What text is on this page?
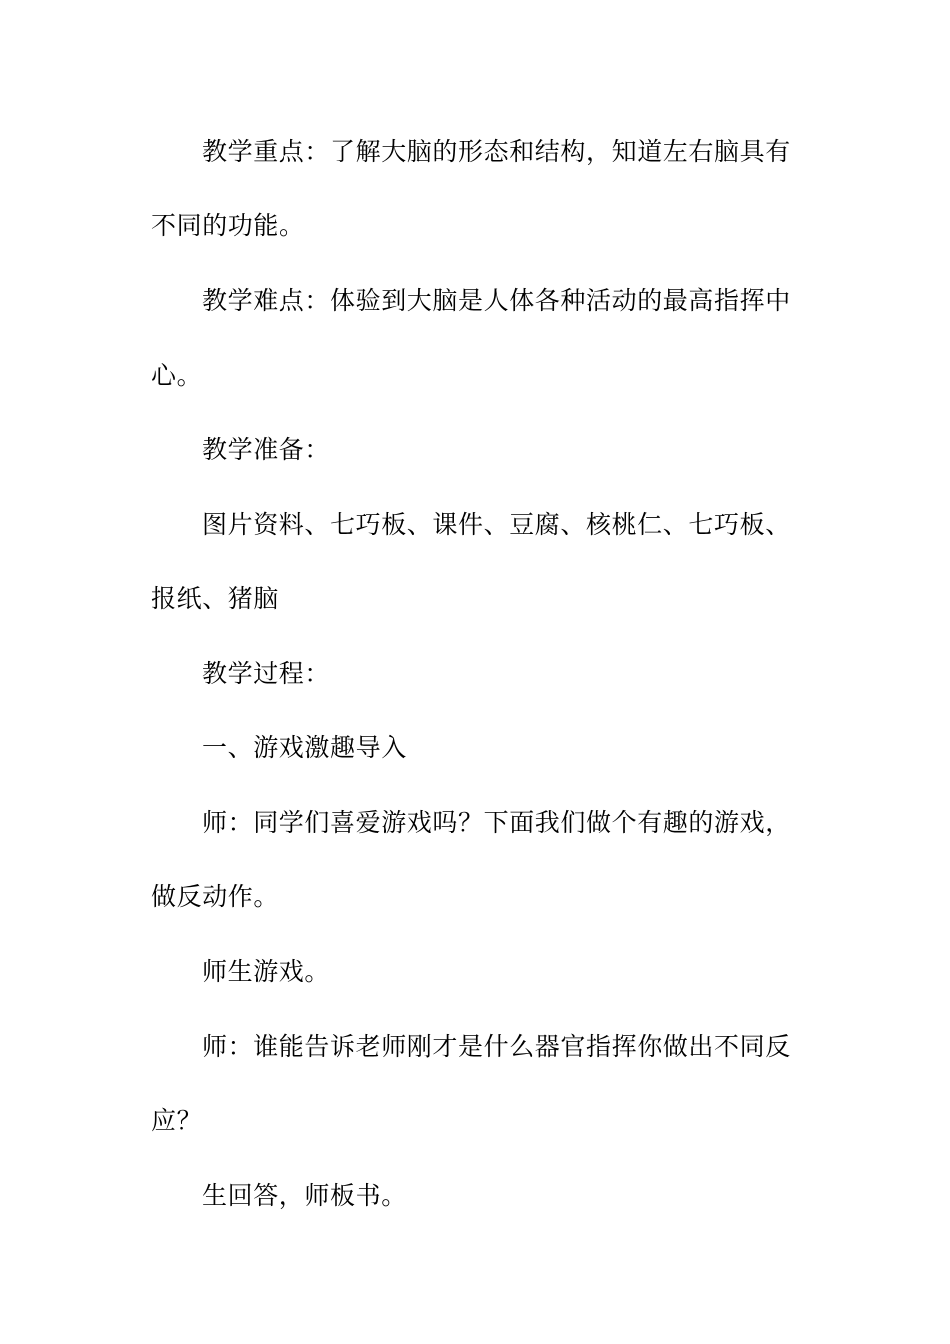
教学重点：了解大脑的形态和结构，知道左右脑具有
不同的功能。
教学难点：体验到大脑是人体各种活动的最高指挥中
心。
教学准备：
图片资料、七巧板、课件、豆腐、核桃仁、七巧板、
报纸、猪脑
教学过程：
一、游戏激趣导入
师：同学们喜爱游戏吗？下面我们做个有趣的游戏，
做反动作。
师生游戏。
师：谁能告诉老师刚才是什么器官指挥你做出不同反
应？
生回答，师板书。
